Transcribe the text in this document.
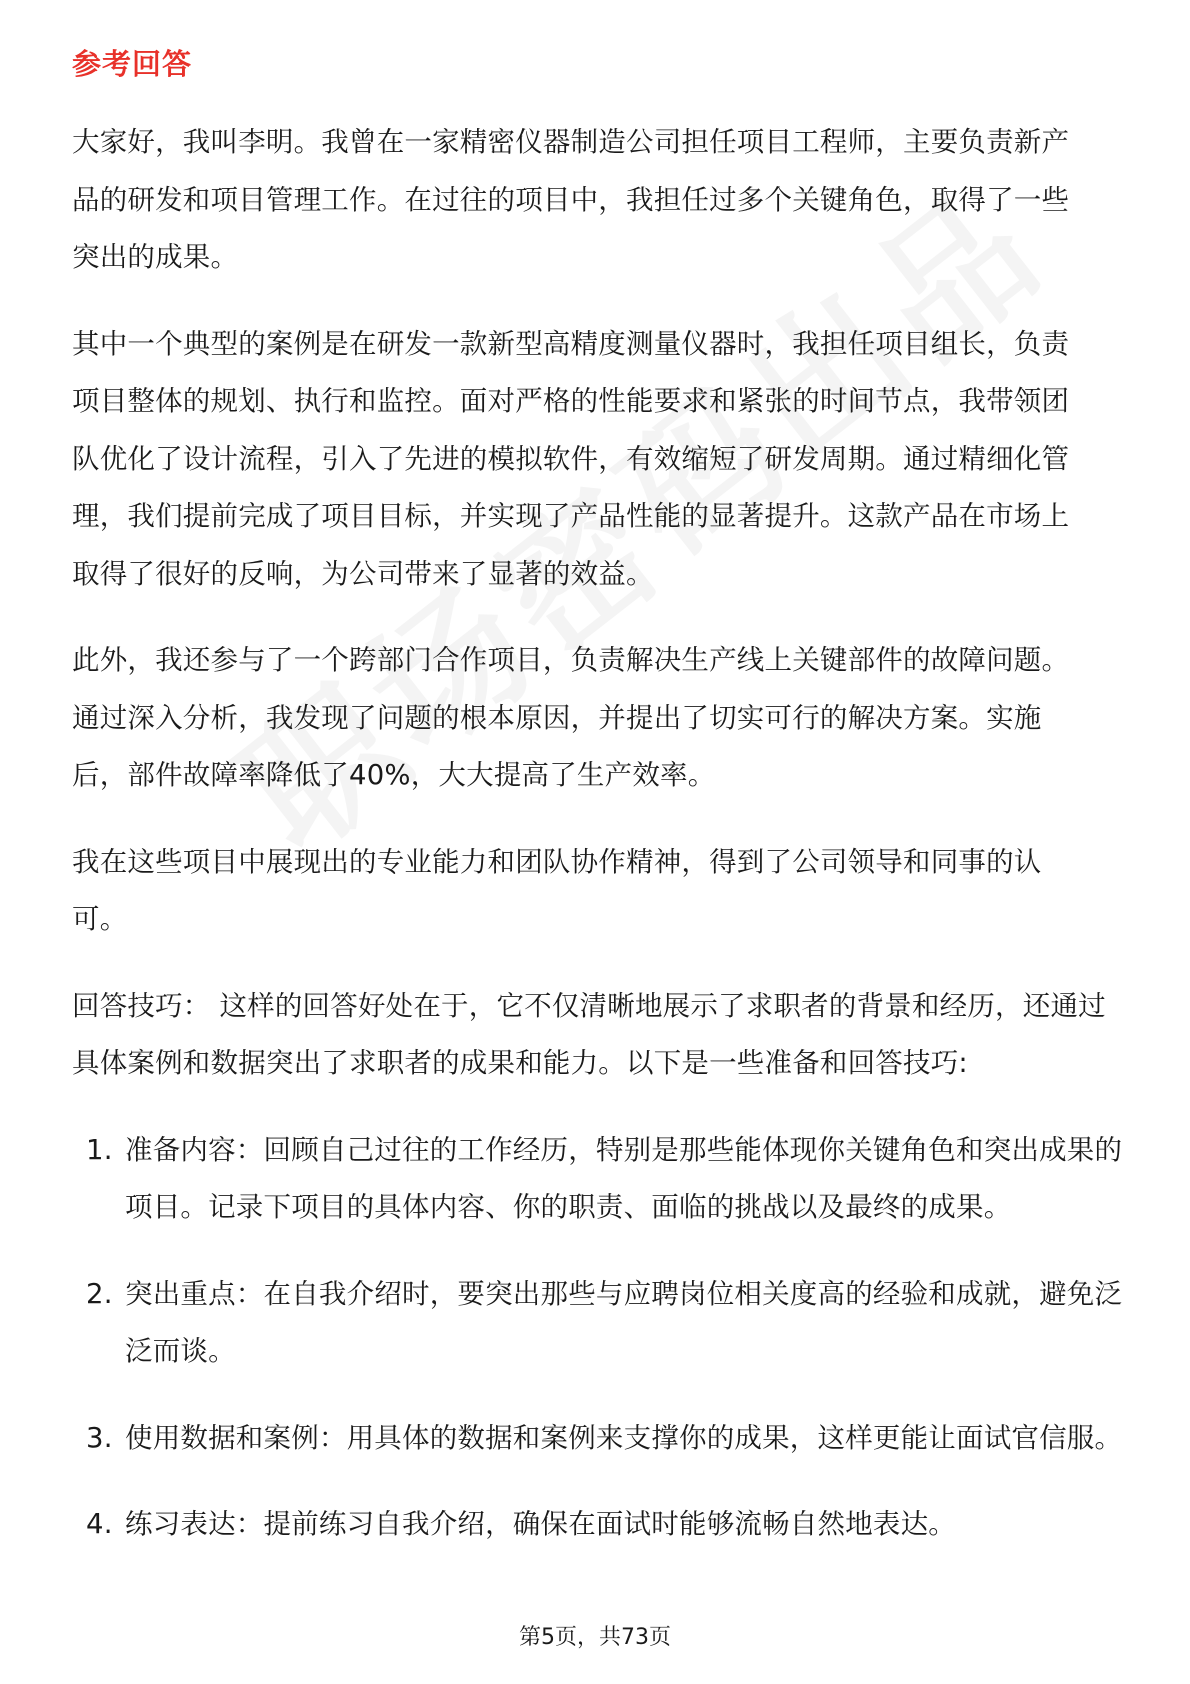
参考回答

大家好，我叫李明。我曾在一家精密仪器制造公司担任项目工程师，主要负责新产品的研发和项目管理工作。在过往的项目中，我担任过多个关键角色，取得了一些突出的成果。

其中一个典型的案例是在研发一款新型高精度测量仪器时，我担任项目组长，负责项目整体的规划、执行和监控。面对严格的性能要求和紧张的时间节点，我带领团队优化了设计流程，引入了先进的模拟软件，有效缩短了研发周期。通过精细化管理，我们提前完成了项目目标，并实现了产品性能的显著提升。这款产品在市场上取得了很好的反响，为公司带来了显著的效益。

此外，我还参与了一个跨部门合作项目，负责解决生产线上关键部件的故障问题。通过深入分析，我发现了问题的根本原因，并提出了切实可行的解决方案。实施后，部件故障率降低了40%，大大提高了生产效率。

我在这些项目中展现出的专业能力和团队协作精神，得到了公司领导和同事的认可。

回答技巧： 这样的回答好处在于，它不仅清晰地展示了求职者的背景和经历，还通过具体案例和数据突出了求职者的成果和能力。以下是一些准备和回答技巧:

1. 准备内容：回顾自己过往的工作经历，特别是那些能体现你关键角色和突出成果的项目。记录下项目的具体内容、你的职责、面临的挑战以及最终的成果。
2. 突出重点：在自我介绍时，要突出那些与应聘岗位相关度高的经验和成就，避免泛泛而谈。
3. 使用数据和案例：用具体的数据和案例来支撑你的成果，这样更能让面试官信服。
4. 练习表达：提前练习自我介绍，确保在面试时能够流畅自然地表达。
第5页，共73页
